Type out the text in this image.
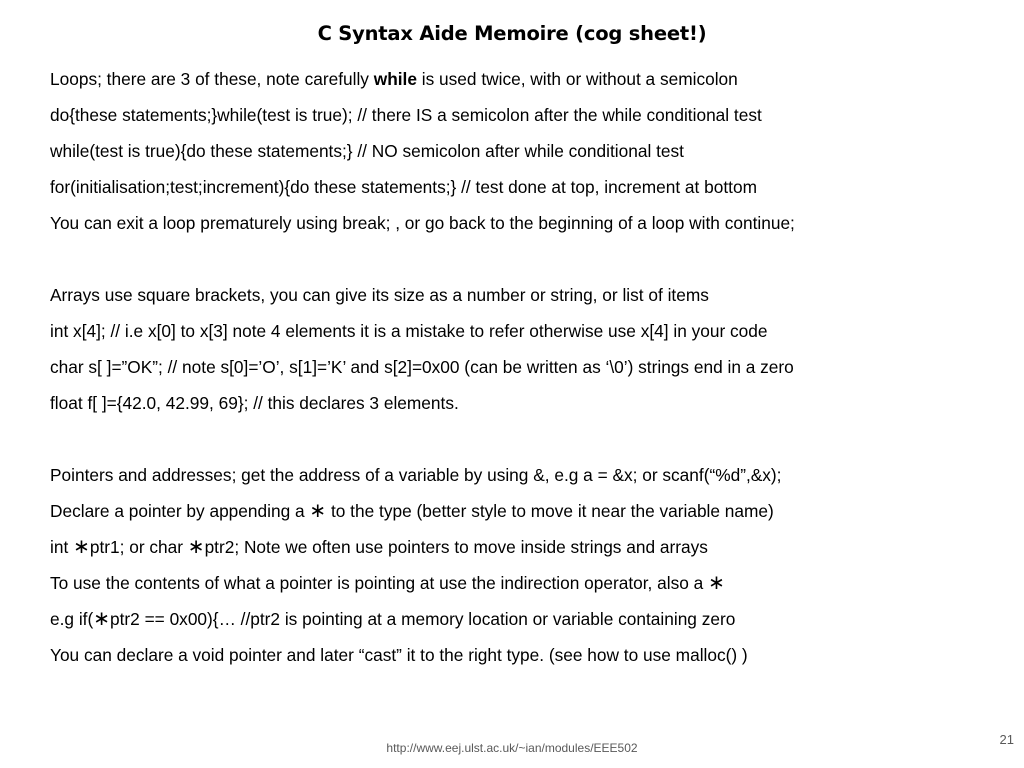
C Syntax Aide Memoire (cog sheet!)
Loops; there are 3 of these, note carefully while is used twice, with or without a semicolon
do{these statements;}while(test is true); // there IS a semicolon after the while conditional test
while(test is true){do these statements;} // NO semicolon after while conditional test
for(initialisation;test;increment){do these statements;} // test done at top, increment at bottom
You can exit a loop prematurely using break; , or go back to the beginning of a loop with continue;
Arrays use square brackets, you can give its size as a number or string, or list of items
int x[4]; // i.e x[0] to x[3] note 4 elements it is a mistake to refer otherwise use x[4] in your code
char s[ ]=”OK”; // note s[0]=’O’, s[1]=’K’ and s[2]=0x00 (can be written as ‘\0’) strings end in a zero
float f[ ]={42.0, 42.99, 69}; // this declares 3 elements.
Pointers and addresses; get the address of a variable by using &, e.g a = &x; or scanf(“%d”,&x);
Declare a pointer by appending a ∗ to the type (better style to move it near the variable name)
int ∗ptr1; or char ∗ptr2; Note we often use pointers to move inside strings and arrays
To use the contents of what a pointer is pointing at use the indirection operator, also a ∗
e.g if(∗ptr2 == 0x00){… //ptr2 is pointing at a memory location or variable containing zero
You can declare a void pointer and later “cast” it to the right type. (see how to use malloc() )
http://www.eej.ulst.ac.uk/~ian/modules/EEE502
21
